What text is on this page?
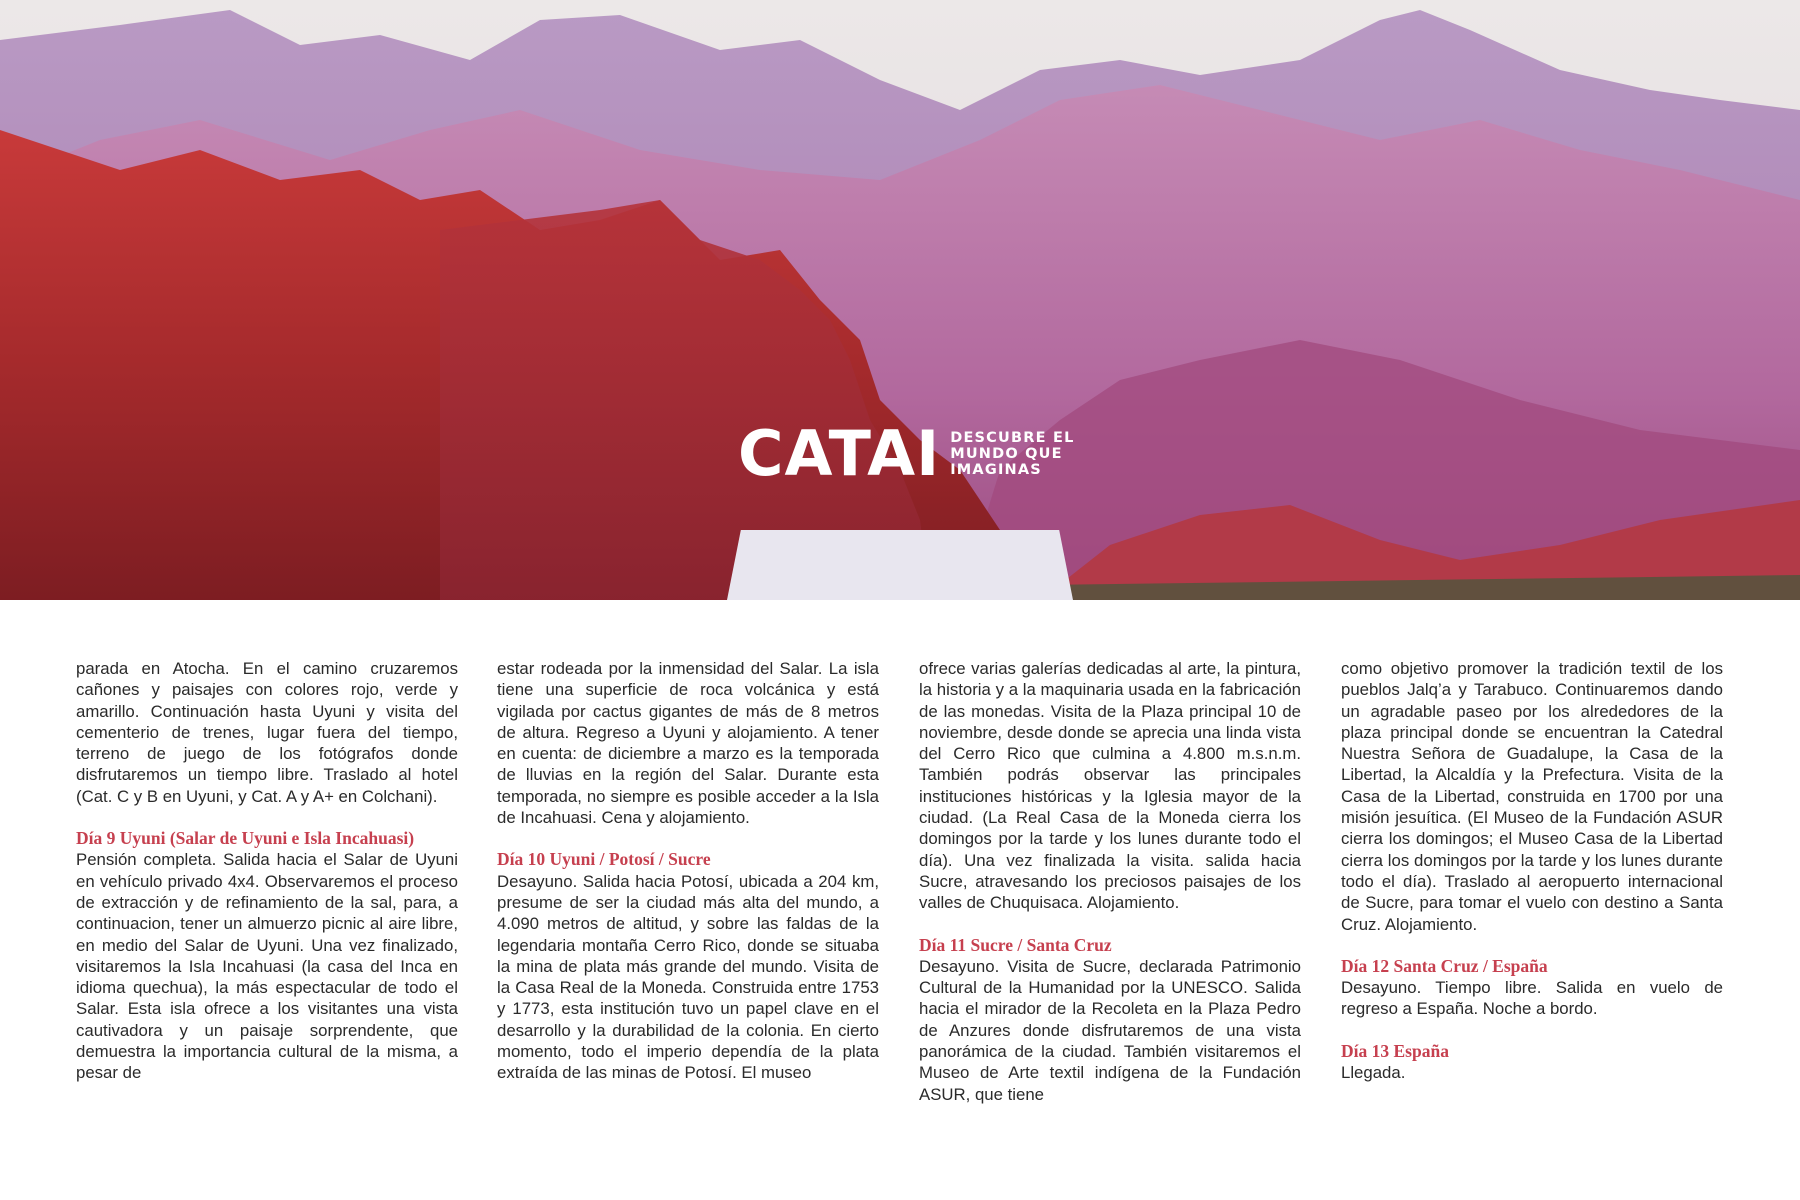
CATAI DESCUBRE EL
MUNDO QUE
IMAGINAS

parada en Atocha. En el camino cruzaremos cañones y paisajes con colores rojo, verde y amarillo. Continuación hasta Uyuni y visita del cementerio de trenes, lugar fuera del tiempo, terreno de juego de los fotógrafos donde disfrutaremos un tiempo libre. Traslado al hotel (Cat. C y B en Uyuni, y Cat. A y A+ en Colchani).

Día 9 Uyuni (Salar de Uyuni e Isla Incahuasi)

Pensión completa. Salida hacia el Salar de Uyuni en vehículo privado 4x4. Observaremos el proceso de extracción y de refinamiento de la sal, para, a continuacion, tener un almuerzo picnic al aire libre, en medio del Salar de Uyuni. Una vez finalizado, visitaremos la Isla Incahuasi (la casa del Inca en idioma quechua), la más espectacular de todo el Salar. Esta isla ofrece a los visitantes una vista cautivadora y un paisaje sorprendente, que demuestra la importancia cultural de la misma, a pesar de

estar rodeada por la inmensidad del Salar. La isla tiene una superficie de roca volcánica y está vigilada por cactus gigantes de más de 8 metros de altura. Regreso a Uyuni y alojamiento. A tener en cuenta: de diciembre a marzo es la temporada de lluvias en la región del Salar. Durante esta temporada, no siempre es posible acceder a la Isla de Incahuasi. Cena y alojamiento.

Día 10 Uyuni / Potosí / Sucre

Desayuno. Salida hacia Potosí, ubicada a 204 km, presume de ser la ciudad más alta del mundo, a 4.090 metros de altitud, y sobre las faldas de la legendaria montaña Cerro Rico, donde se situaba la mina de plata más grande del mundo. Visita de la Casa Real de la Moneda. Construida entre 1753 y 1773, esta institución tuvo un papel clave en el desarrollo y la durabilidad de la colonia. En cierto momento, todo el imperio dependía de la plata extraída de las minas de Potosí. El museo

ofrece varias galerías dedicadas al arte, la pintura, la historia y a la maquinaria usada en la fabricación de las monedas. Visita de la Plaza principal 10 de noviembre, desde donde se aprecia una linda vista del Cerro Rico que culmina a 4.800 m.s.n.m. También podrás observar las principales instituciones históricas y la Iglesia mayor de la ciudad. (La Real Casa de la Moneda cierra los domingos por la tarde y los lunes durante todo el día). Una vez finalizada la visita. salida hacia Sucre, atravesando los preciosos paisajes de los valles de Chuquisaca. Alojamiento.

Día 11 Sucre / Santa Cruz

Desayuno. Visita de Sucre, declarada Patrimonio Cultural de la Humanidad por la UNESCO. Salida hacia el mirador de la Recoleta en la Plaza Pedro de Anzures donde disfrutaremos de una vista panorámica de la ciudad. También visitaremos el Museo de Arte textil indígena de la Fundación ASUR, que tiene

como objetivo promover la tradición textil de los pueblos Jalq’a y Tarabuco. Continuaremos dando un agradable paseo por los alrededores de la plaza principal donde se encuentran la Catedral Nuestra Señora de Guadalupe, la Casa de la Libertad, la Alcaldía y la Prefectura. Visita de la Casa de la Libertad, construida en 1700 por una misión jesuítica. (El Museo de la Fundación ASUR cierra los domingos; el Museo Casa de la Libertad cierra los domingos por la tarde y los lunes durante todo el día). Traslado al aeropuerto internacional de Sucre, para tomar el vuelo con destino a Santa Cruz. Alojamiento.

Día 12 Santa Cruz / España

Desayuno. Tiempo libre. Salida en vuelo de regreso a España. Noche a bordo.

Día 13 España

Llegada.
